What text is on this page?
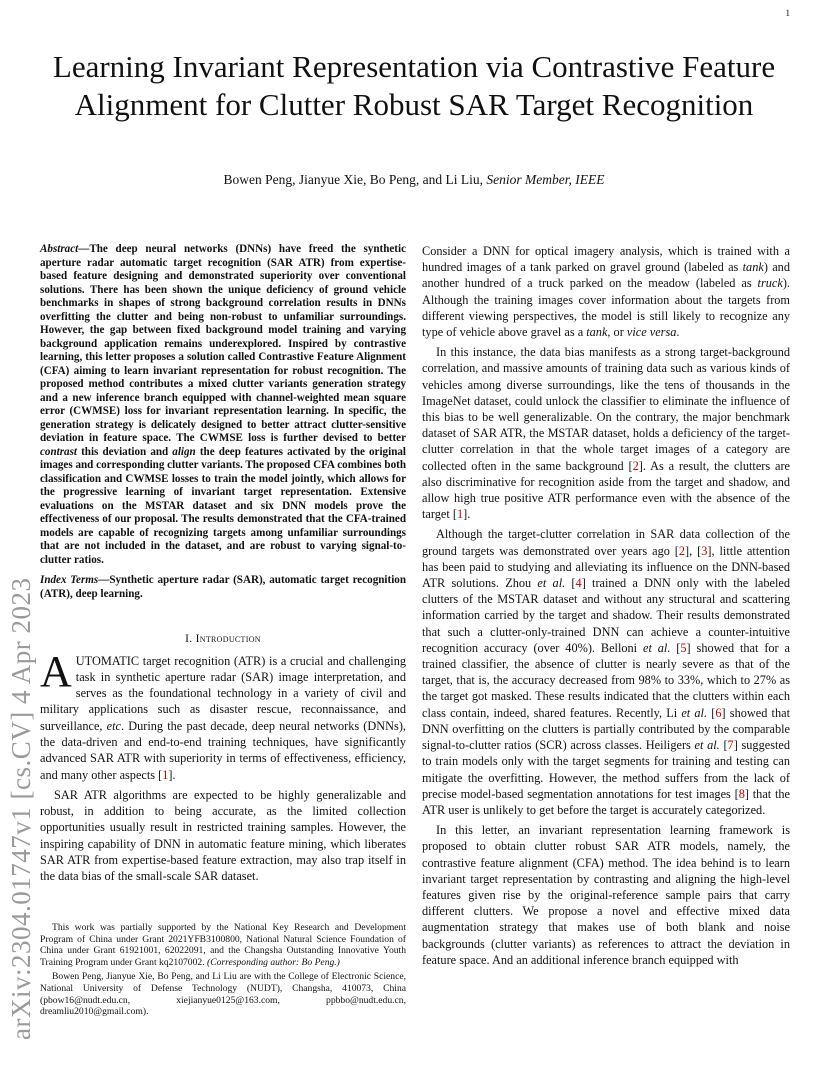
1
Learning Invariant Representation via Contrastive Feature Alignment for Clutter Robust SAR Target Recognition
Bowen Peng, Jianyue Xie, Bo Peng, and Li Liu, Senior Member, IEEE
arXiv:2304.01747v1 [cs.CV] 4 Apr 2023

Abstract—The deep neural networks (DNNs) have freed the synthetic aperture radar automatic target recognition (SAR ATR) from expertise-based feature designing and demonstrated superiority over conventional solutions. There has been shown the unique deficiency of ground vehicle benchmarks in shapes of strong background correlation results in DNNs overfitting the clutter and being non-robust to unfamiliar surroundings. However, the gap between fixed background model training and varying background application remains underexplored. Inspired by contrastive learning, this letter proposes a solution called Contrastive Feature Alignment (CFA) aiming to learn invariant representation for robust recognition. The proposed method contributes a mixed clutter variants generation strategy and a new inference branch equipped with channel-weighted mean square error (CWMSE) loss for invariant representation learning. In specific, the generation strategy is delicately designed to better attract clutter-sensitive deviation in feature space. The CWMSE loss is further devised to better contrast this deviation and align the deep features activated by the original images and corresponding clutter variants. The proposed CFA combines both classification and CWMSE losses to train the model jointly, which allows for the progressive learning of invariant target representation. Extensive evaluations on the MSTAR dataset and six DNN models prove the effectiveness of our proposal. The results demonstrated that the CFA-trained models are capable of recognizing targets among unfamiliar surroundings that are not included in the dataset, and are robust to varying signal-to-clutter ratios.

Index Terms—Synthetic aperture radar (SAR), automatic target recognition (ATR), deep learning.

I. Introduction

AUTOMATIC target recognition (ATR) is a crucial and challenging task in synthetic aperture radar (SAR) image interpretation, and serves as the foundational technology in a variety of civil and military applications such as disaster rescue, reconnaissance, and surveillance, etc. During the past decade, deep neural networks (DNNs), the data-driven and end-to-end training techniques, have significantly advanced SAR ATR with superiority in terms of effectiveness, efficiency, and many other aspects [1].

SAR ATR algorithms are expected to be highly generalizable and robust, in addition to being accurate, as the limited collection opportunities usually result in restricted training samples. However, the inspiring capability of DNN in automatic feature mining, which liberates SAR ATR from expertise-based feature extraction, may also trap itself in the data bias of the small-scale SAR dataset.

This work was partially supported by the National Key Research and Development Program of China under Grant 2021YFB3100800, National Natural Science Foundation of China under Grant 61921001, 62022091, and the Changsha Outstanding Innovative Youth Training Program under Grant kq2107002. (Corresponding author: Bo Peng.)

Bowen Peng, Jianyue Xie, Bo Peng, and Li Liu are with the College of Electronic Science, National University of Defense Technology (NUDT), Changsha, 410073, China (pbow16@nudt.edu.cn, xiejianyue0125@163.com, ppbbo@nudt.edu.cn, dreamliu2010@gmail.com).

Consider a DNN for optical imagery analysis, which is trained with a hundred images of a tank parked on gravel ground (labeled as tank) and another hundred of a truck parked on the meadow (labeled as truck). Although the training images cover information about the targets from different viewing perspectives, the model is still likely to recognize any type of vehicle above gravel as a tank, or vice versa.

In this instance, the data bias manifests as a strong target-background correlation, and massive amounts of training data such as various kinds of vehicles among diverse surroundings, like the tens of thousands in the ImageNet dataset, could unlock the classifier to eliminate the influence of this bias to be well generalizable. On the contrary, the major benchmark dataset of SAR ATR, the MSTAR dataset, holds a deficiency of the target-clutter correlation in that the whole target images of a category are collected often in the same background [2]. As a result, the clutters are also discriminative for recognition aside from the target and shadow, and allow high true positive ATR performance even with the absence of the target [1].

Although the target-clutter correlation in SAR data collection of the ground targets was demonstrated over years ago [2], [3], little attention has been paid to studying and alleviating its influence on the DNN-based ATR solutions. Zhou et al. [4] trained a DNN only with the labeled clutters of the MSTAR dataset and without any structural and scattering information carried by the target and shadow. Their results demonstrated that such a clutter-only-trained DNN can achieve a counter-intuitive recognition accuracy (over 40%). Belloni et al. [5] showed that for a trained classifier, the absence of clutter is nearly severe as that of the target, that is, the accuracy decreased from 98% to 33%, which to 27% as the target got masked. These results indicated that the clutters within each class contain, indeed, shared features. Recently, Li et al. [6] showed that DNN overfitting on the clutters is partially contributed by the comparable signal-to-clutter ratios (SCR) across classes. Heiligers et al. [7] suggested to train models only with the target segments for training and testing can mitigate the overfitting. However, the method suffers from the lack of precise model-based segmentation annotations for test images [8] that the ATR user is unlikely to get before the target is accurately categorized.

In this letter, an invariant representation learning framework is proposed to obtain clutter robust SAR ATR models, namely, the contrastive feature alignment (CFA) method. The idea behind is to learn invariant target representation by contrasting and aligning the high-level features given rise by the original-reference sample pairs that carry different clutters. We propose a novel and effective mixed data augmentation strategy that makes use of both blank and noise backgrounds (clutter variants) as references to attract the deviation in feature space. And an additional inference branch equipped with
